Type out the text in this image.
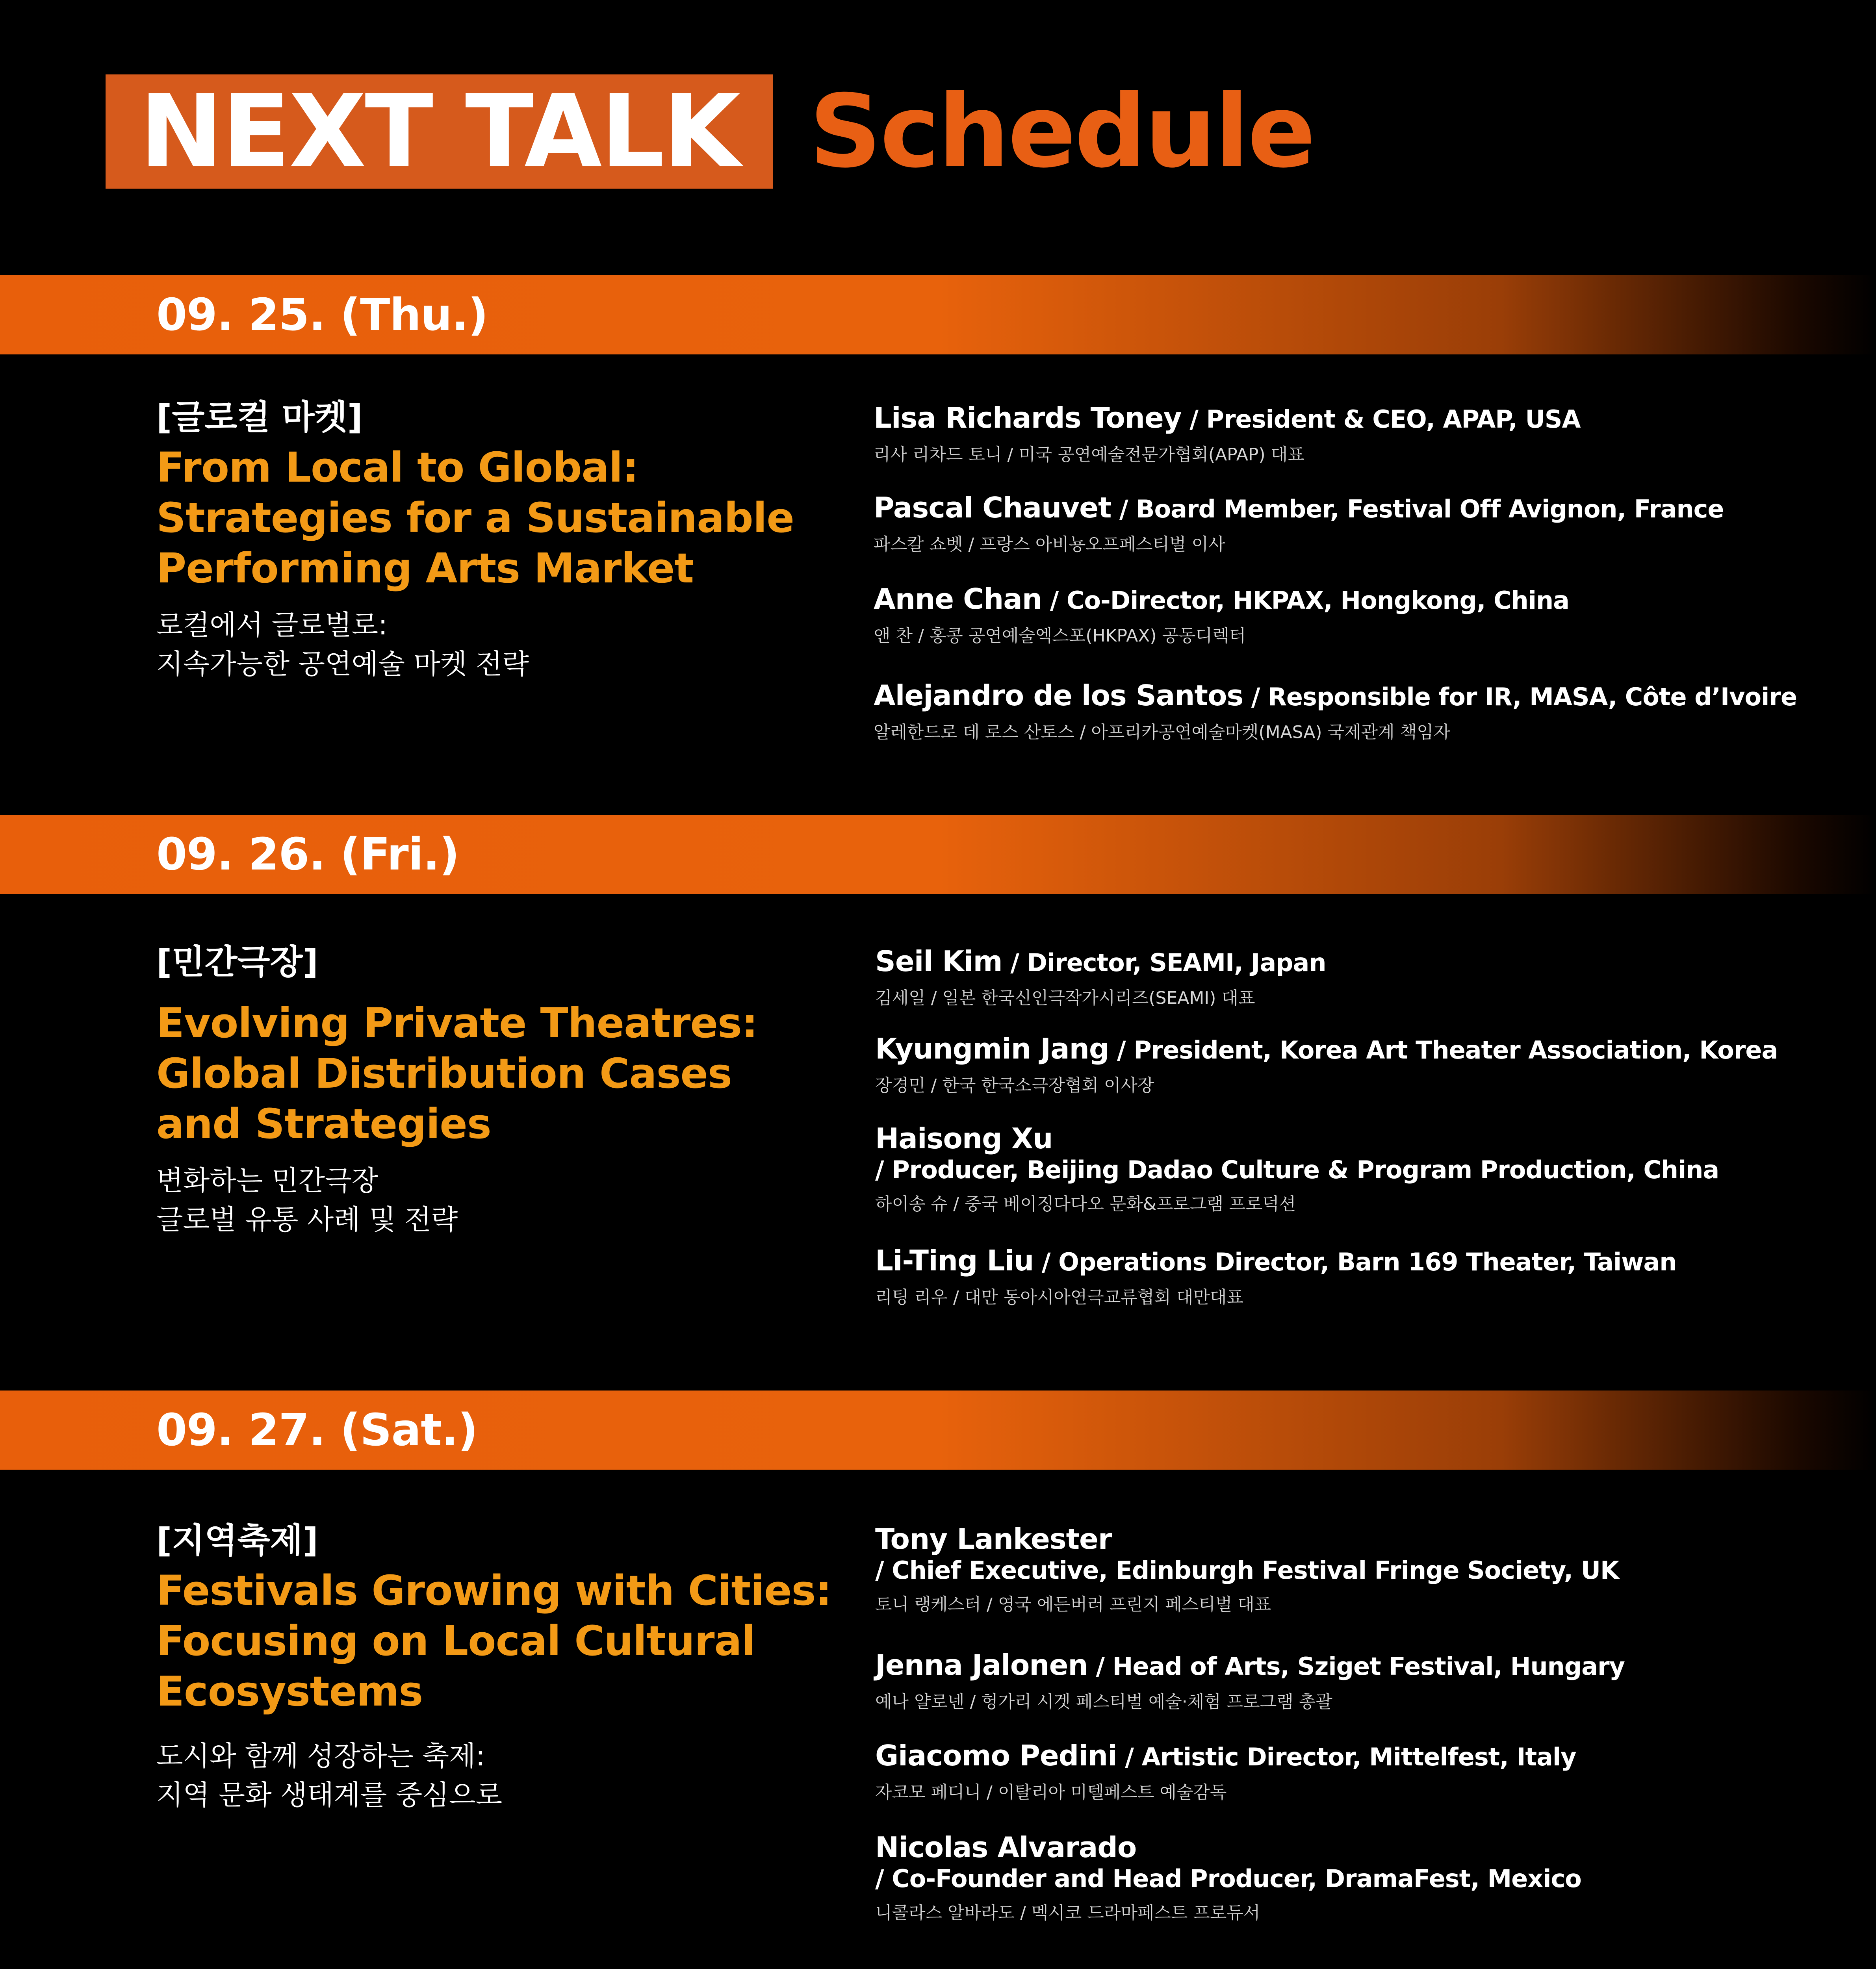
NEXT TALK Schedule
09. 25. (Thu.)
[글로컬 마켓]
From Local to Global:
Strategies for a Sustainable
Performing Arts Market
로컬에서 글로벌로:
지속가능한 공연예술 마켓 전략
Lisa Richards Toney / President & CEO, APAP, USA
리사 리차드 토니 / 미국 공연예술전문가협회(APAP) 대표
Pascal Chauvet / Board Member, Festival Off Avignon, France
파스칼 쇼벳 / 프랑스 아비뇽오프페스티벌 이사
Anne Chan / Co-Director, HKPAX, Hongkong, China
앤 찬 / 홍콩 공연예술엑스포(HKPAX) 공동디렉터
Alejandro de los Santos / Responsible for IR, MASA, Côte d’Ivoire
알레한드로 데 로스 산토스 / 아프리카공연예술마켓(MASA) 국제관계 책임자
09. 26. (Fri.)
[민간극장]
Evolving Private Theatres:
Global Distribution Cases
and Strategies
변화하는 민간극장
글로벌 유통 사례 및 전략
Seil Kim / Director, SEAMI, Japan
김세일 / 일본 한국신인극작가시리즈(SEAMI) 대표
Kyungmin Jang / President, Korea Art Theater Association, Korea
장경민 / 한국 한국소극장협회 이사장
Haisong Xu
/ Producer, Beijing Dadao Culture & Program Production, China
하이송 슈 / 중국 베이징다다오 문화&프로그램 프로덕션
Li-Ting Liu / Operations Director, Barn 169 Theater, Taiwan
리팅 리우 / 대만 동아시아연극교류협회 대만대표
09. 27. (Sat.)
[지역축제]
Festivals Growing with Cities:
Focusing on Local Cultural
Ecosystems
도시와 함께 성장하는 축제:
지역 문화 생태계를 중심으로
Tony Lankester
/ Chief Executive, Edinburgh Festival Fringe Society, UK
토니 랭케스터 / 영국 에든버러 프린지 페스티벌 대표
Jenna Jalonen / Head of Arts, Sziget Festival, Hungary
예나 얄로넨 / 헝가리 시겟 페스티벌 예술·체험 프로그램 총괄
Giacomo Pedini / Artistic Director, Mittelfest, Italy
자코모 페디니 / 이탈리아 미텔페스트 예술감독
Nicolas Alvarado
/ Co-Founder and Head Producer, DramaFest, Mexico
니콜라스 알바라도 / 멕시코 드라마페스트 프로듀서
